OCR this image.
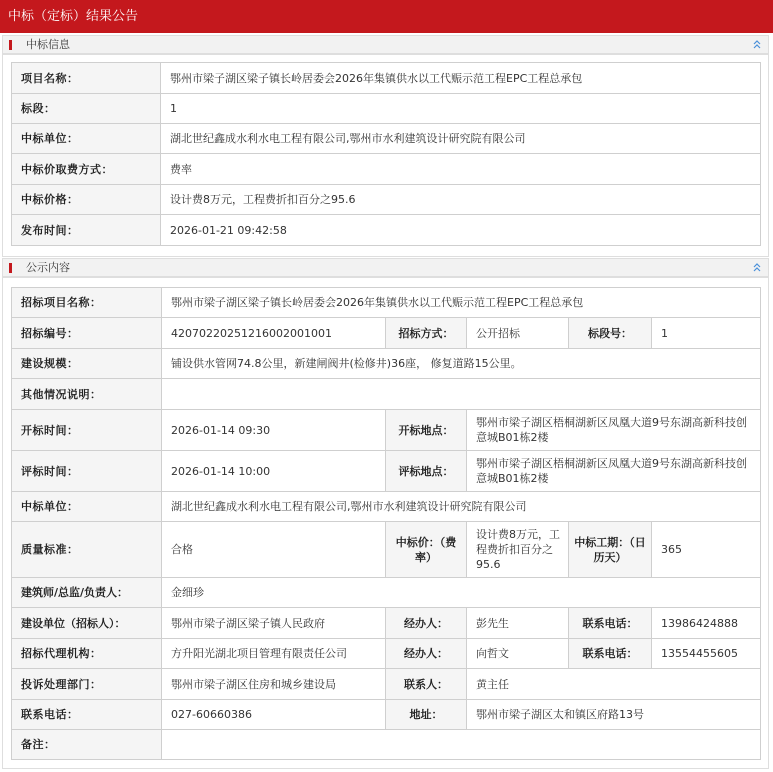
中标（定标）结果公告
中标信息
项目名称：	鄂州市梁子湖区梁子镇长岭居委会2026年集镇供水以工代赈示范工程EPC工程总承包
标段：	1
中标单位：	湖北世纪鑫成水利水电工程有限公司,鄂州市水利建筑设计研究院有限公司
中标价取费方式：	费率
中标价格：	设计费8万元，工程费折扣百分之95.6
发布时间：	2026-01-21 09:42:58
公示内容
招标项目名称：	鄂州市梁子湖区梁子镇长岭居委会2026年集镇供水以工代赈示范工程EPC工程总承包				
招标编号：	42070220251216002001001	招标方式：	公开招标	标段号：	1
建设规模：	铺设供水管网74.8公里，新建闸阀井(检修井)36座， 修复道路15公里。				
其他情况说明：					
开标时间：	2026-01-14 09:30	开标地点：	鄂州市梁子湖区梧桐湖新区凤凰大道9号东湖高新科技创意城B01栋2楼		
评标时间：	2026-01-14 10:00	评标地点：	鄂州市梁子湖区梧桐湖新区凤凰大道9号东湖高新科技创意城B01栋2楼		
中标单位：	湖北世纪鑫成水利水电工程有限公司,鄂州市水利建筑设计研究院有限公司				
质量标准：	合格	中标价：（费率）	设计费8万元，工程费折扣百分之95.6	中标工期：（日历天）	365
建筑师/总监/负责人：	金细珍				
建设单位（招标人）：	鄂州市梁子湖区梁子镇人民政府	经办人：	彭先生	联系电话：	13986424888
招标代理机构：	方升阳光湖北项目管理有限责任公司	经办人：	向哲文	联系电话：	13554455605
投诉处理部门：	鄂州市梁子湖区住房和城乡建设局	联系人：	黄主任		
联系电话：	027-60660386	地址：	鄂州市梁子湖区太和镇区府路13号		
备注：					
